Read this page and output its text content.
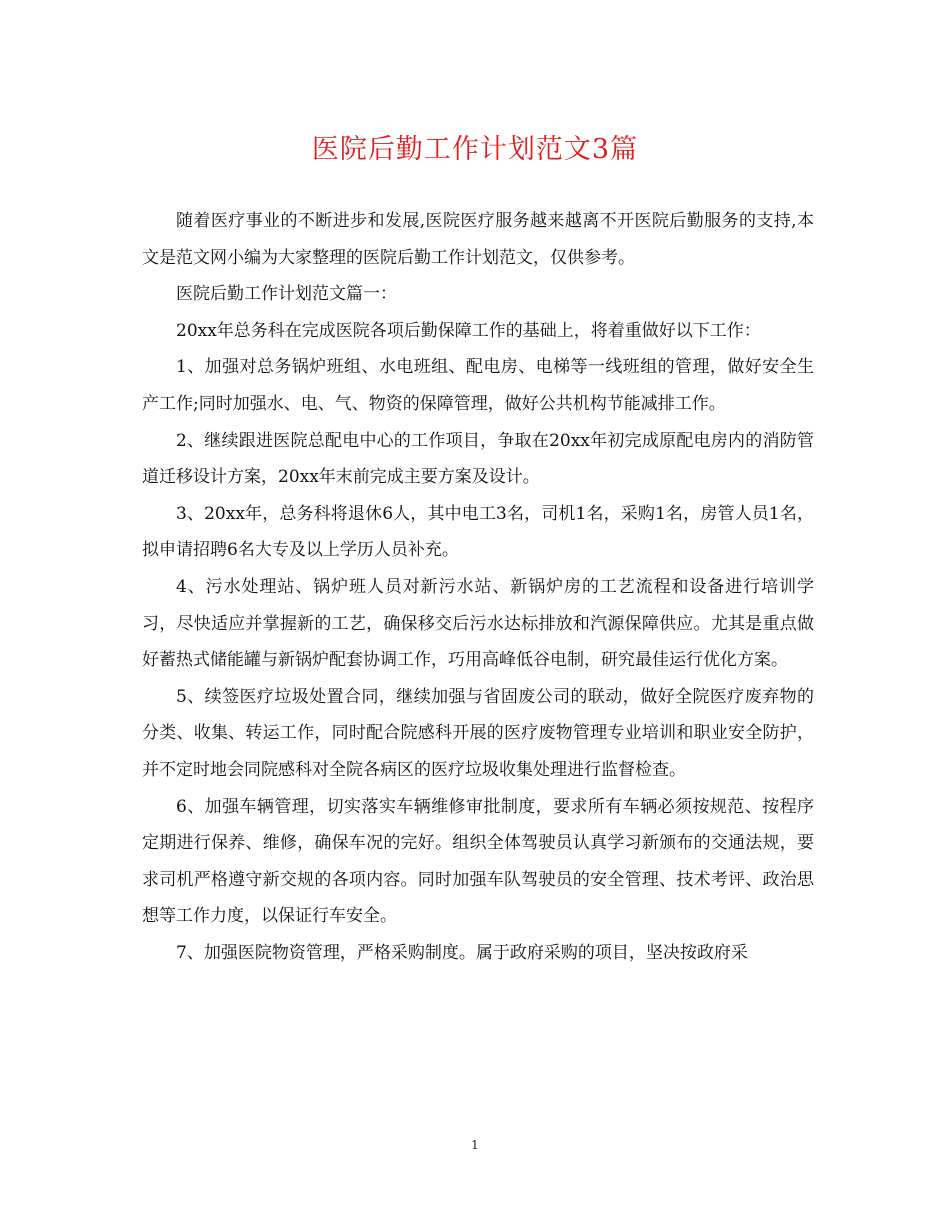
医院后勤工作计划范文3篇

随着医疗事业的不断进步和发展,医院医疗服务越来越离不开医院后勤服务的支持,本文是范文网小编为大家整理的医院后勤工作计划范文，仅供参考。

医院后勤工作计划范文篇一：

20xx年总务科在完成医院各项后勤保障工作的基础上，将着重做好以下工作：

1、加强对总务锅炉班组、水电班组、配电房、电梯等一线班组的管理，做好安全生产工作;同时加强水、电、气、物资的保障管理，做好公共机构节能减排工作。

2、继续跟进医院总配电中心的工作项目，争取在20xx年初完成原配电房内的消防管道迁移设计方案，20xx年末前完成主要方案及设计。

3、20xx年，总务科将退休6人，其中电工3名，司机1名，采购1名，房管人员1名，拟申请招聘6名大专及以上学历人员补充。

4、污水处理站、锅炉班人员对新污水站、新锅炉房的工艺流程和设备进行培训学习，尽快适应并掌握新的工艺，确保移交后污水达标排放和汽源保障供应。尤其是重点做好蓄热式储能罐与新锅炉配套协调工作，巧用高峰低谷电制，研究最佳运行优化方案。

5、续签医疗垃圾处置合同，继续加强与省固废公司的联动，做好全院医疗废弃物的分类、收集、转运工作，同时配合院感科开展的医疗废物管理专业培训和职业安全防护，并不定时地会同院感科对全院各病区的医疗垃圾收集处理进行监督检查。

6、加强车辆管理，切实落实车辆维修审批制度，要求所有车辆必须按规范、按程序定期进行保养、维修，确保车况的完好。组织全体驾驶员认真学习新颁布的交通法规，要求司机严格遵守新交规的各项内容。同时加强车队驾驶员的安全管理、技术考评、政治思想等工作力度，以保证行车安全。

7、加强医院物资管理，严格采购制度。属于政府采购的项目，坚决按政府采

1
